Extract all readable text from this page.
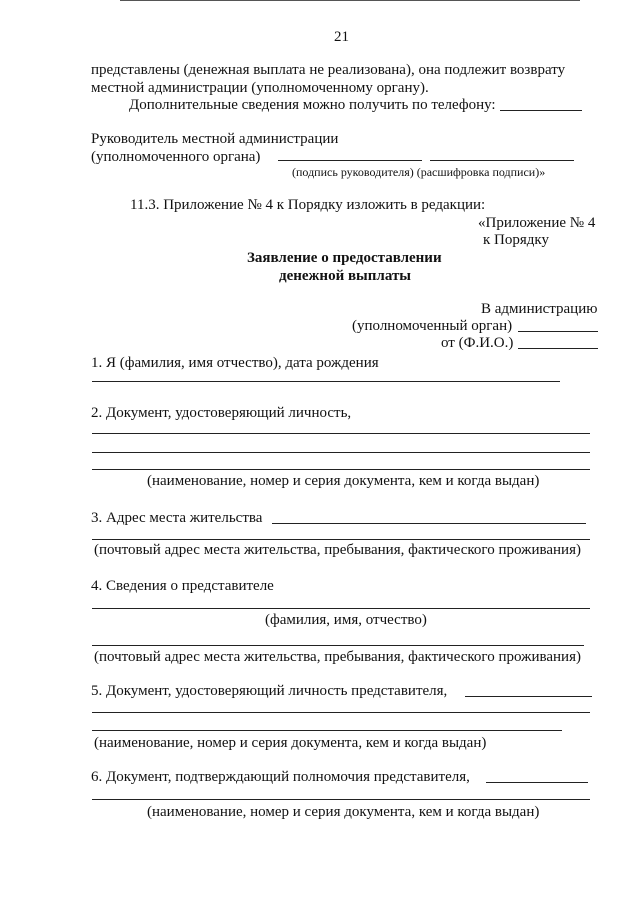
21
представлены (денежная выплата не реализована), она подлежит возврату
местной администрации (уполномоченному органу).
Дополнительные сведения можно получить по телефону:
Руководитель местной администрации
(уполномоченного органа)
(подпись руководителя) (расшифровка подписи)»
11.3. Приложение № 4 к Порядку изложить в редакции:
«Приложение № 4
к Порядку
Заявление о предоставлении
денежной выплаты
В администрацию
(уполномоченный орган)
от (Ф.И.О.)
1. Я (фамилия, имя отчество), дата рождения
2. Документ, удостоверяющий личность,
(наименование, номер и серия документа, кем и когда выдан)
3. Адрес места жительства
(почтовый адрес места жительства, пребывания, фактического проживания)
4. Сведения о представителе
(фамилия, имя, отчество)
(почтовый адрес места жительства, пребывания, фактического проживания)
5. Документ, удостоверяющий личность представителя,
(наименование, номер и серия документа, кем и когда выдан)
6. Документ, подтверждающий полномочия представителя,
(наименование, номер и серия документа, кем и когда выдан)
